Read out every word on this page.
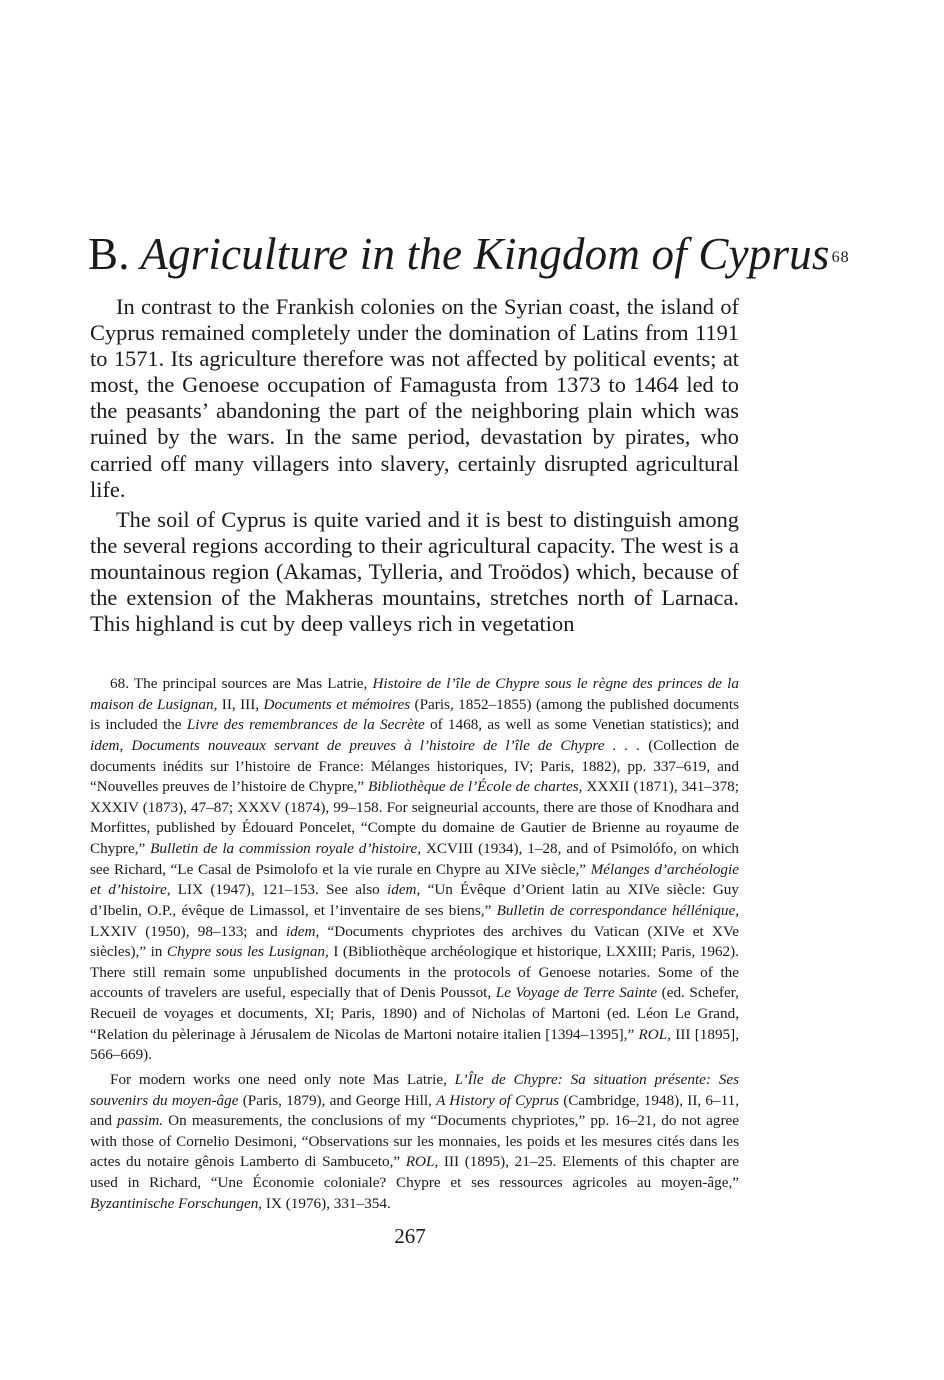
B. Agriculture in the Kingdom of Cyprus $^{68}$

In contrast to the Frankish colonies on the Syrian coast, the island of Cyprus remained completely under the domination of Latins from 1191 to 1571. Its agriculture therefore was not affected by political events; at most, the Genoese occupation of Famagusta from 1373 to 1464 led to the peasants’ abandoning the part of the neighboring plain which was ruined by the wars. In the same period, devastation by pirates, who carried off many villagers into slavery, certainly disrupted agricultural life.

The soil of Cyprus is quite varied and it is best to distinguish among the several regions according to their agricultural capacity. The west is a mountainous region (Akamas, Tylleria, and Troödos) which, because of the extension of the Makheras mountains, stretches north of Larnaca. This highland is cut by deep valleys rich in vegetation

68. The principal sources are Mas Latrie, Histoire de l’île de Chypre sous le règne des princes de la maison de Lusignan, II, III, Documents et mémoires (Paris, 1852–1855) (among the published documents is included the Livre des remembrances de la Secrète of 1468, as well as some Venetian statistics); and idem, Documents nouveaux servant de preuves à l’histoire de l’île de Chypre . . . (Collection de documents inédits sur l’histoire de France: Mélanges historiques, IV; Paris, 1882), pp. 337–619, and “Nouvelles preuves de l’histoire de Chypre,” Bibliothèque de l’École de chartes, XXXII (1871), 341–378; XXXIV (1873), 47–87; XXXV (1874), 99–158. For seigneurial accounts, there are those of Knodhara and Morfittes, published by Édouard Poncelet, “Compte du domaine de Gautier de Brienne au royaume de Chypre,” Bulletin de la commission royale d’histoire, XCVIII (1934), 1–28, and of Psimolófo, on which see Richard, “Le Casal de Psimolofo et la vie rurale en Chypre au XIVe siècle,” Mélanges d’archéologie et d’histoire, LIX (1947), 121–153. See also idem, “Un Évêque d’Orient latin au XIVe siècle: Guy d’Ibelin, O.P., évêque de Limassol, et l’inventaire de ses biens,” Bulletin de correspondance héllénique, LXXIV (1950), 98–133; and idem, “Documents chypriotes des archives du Vatican (XIVe et XVe siècles),” in Chypre sous les Lusignan, I (Bibliothèque archéologique et historique, LXXIII; Paris, 1962). There still remain some unpublished documents in the protocols of Genoese notaries. Some of the accounts of travelers are useful, especially that of Denis Poussot, Le Voyage de Terre Sainte (ed. Schefer, Recueil de voyages et documents, XI; Paris, 1890) and of Nicholas of Martoni (ed. Léon Le Grand, “Relation du pèlerinage à Jérusalem de Nicolas de Martoni notaire italien [1394–1395],” ROL, III [1895], 566–669).

For modern works one need only note Mas Latrie, L’Île de Chypre: Sa situation présente: Ses souvenirs du moyen-âge (Paris, 1879), and George Hill, A History of Cyprus (Cambridge, 1948), II, 6–11, and passim. On measurements, the conclusions of my “Documents chypriotes,” pp. 16–21, do not agree with those of Cornelio Desimoni, “Observations sur les monnaies, les poids et les mesures cités dans les actes du notaire gênois Lamberto di Sambuceto,” ROL, III (1895), 21–25. Elements of this chapter are used in Richard, “Une Économie coloniale? Chypre et ses ressources agricoles au moyen-âge,” Byzantinische Forschungen, IX (1976), 331–354.

267
